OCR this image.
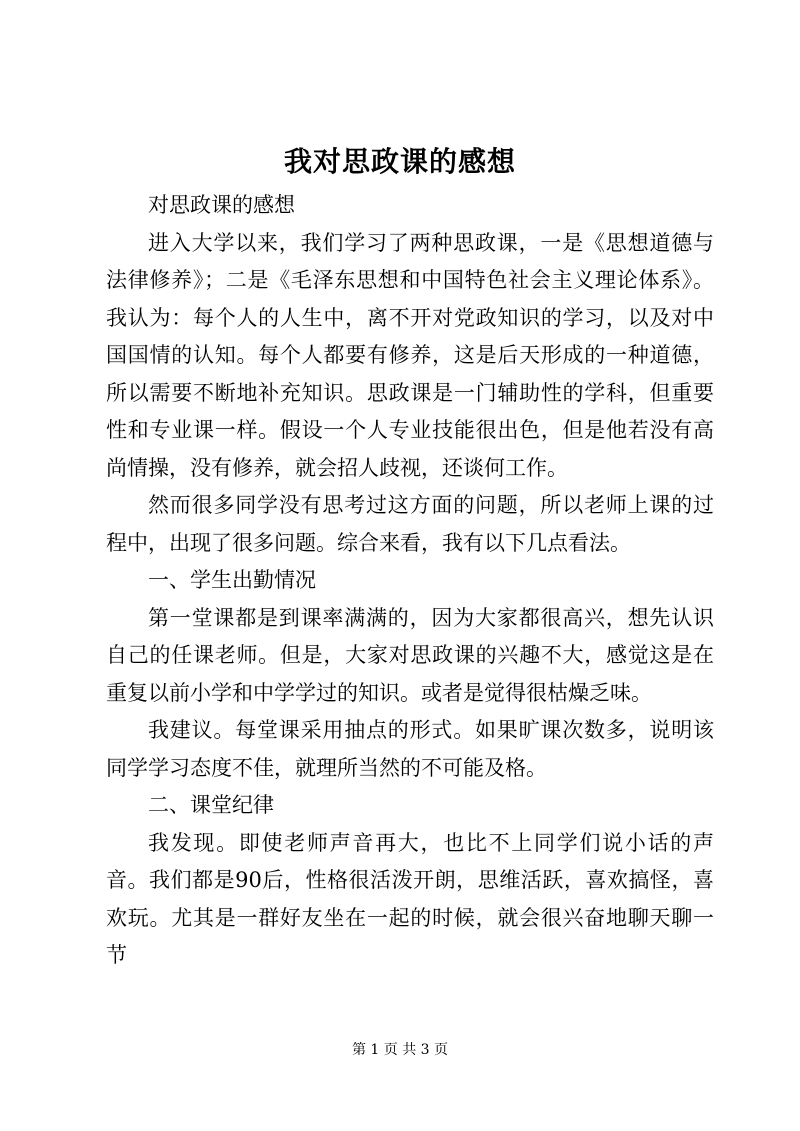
我对思政课的感想

对思政课的感想

进入大学以来，我们学习了两种思政课，一是《思想道德与法律修养》；二是《毛泽东思想和中国特色社会主义理论体系》。我认为：每个人的人生中，离不开对党政知识的学习，以及对中国国情的认知。每个人都要有修养，这是后天形成的一种道德，所以需要不断地补充知识。思政课是一门辅助性的学科，但重要性和专业课一样。假设一个人专业技能很出色，但是他若没有高尚情操，没有修养，就会招人歧视，还谈何工作。

然而很多同学没有思考过这方面的问题，所以老师上课的过程中，出现了很多问题。综合来看，我有以下几点看法。

一、学生出勤情况

第一堂课都是到课率满满的，因为大家都很高兴，想先认识自己的任课老师。但是，大家对思政课的兴趣不大，感觉这是在重复以前小学和中学学过的知识。或者是觉得很枯燥乏味。

我建议。每堂课采用抽点的形式。如果旷课次数多，说明该同学学习态度不佳，就理所当然的不可能及格。

二、课堂纪律

我发现。即使老师声音再大，也比不上同学们说小话的声音。我们都是90后，性格很活泼开朗，思维活跃，喜欢搞怪，喜欢玩。尤其是一群好友坐在一起的时候，就会很兴奋地聊天聊一节

第 1 页 共 3 页
